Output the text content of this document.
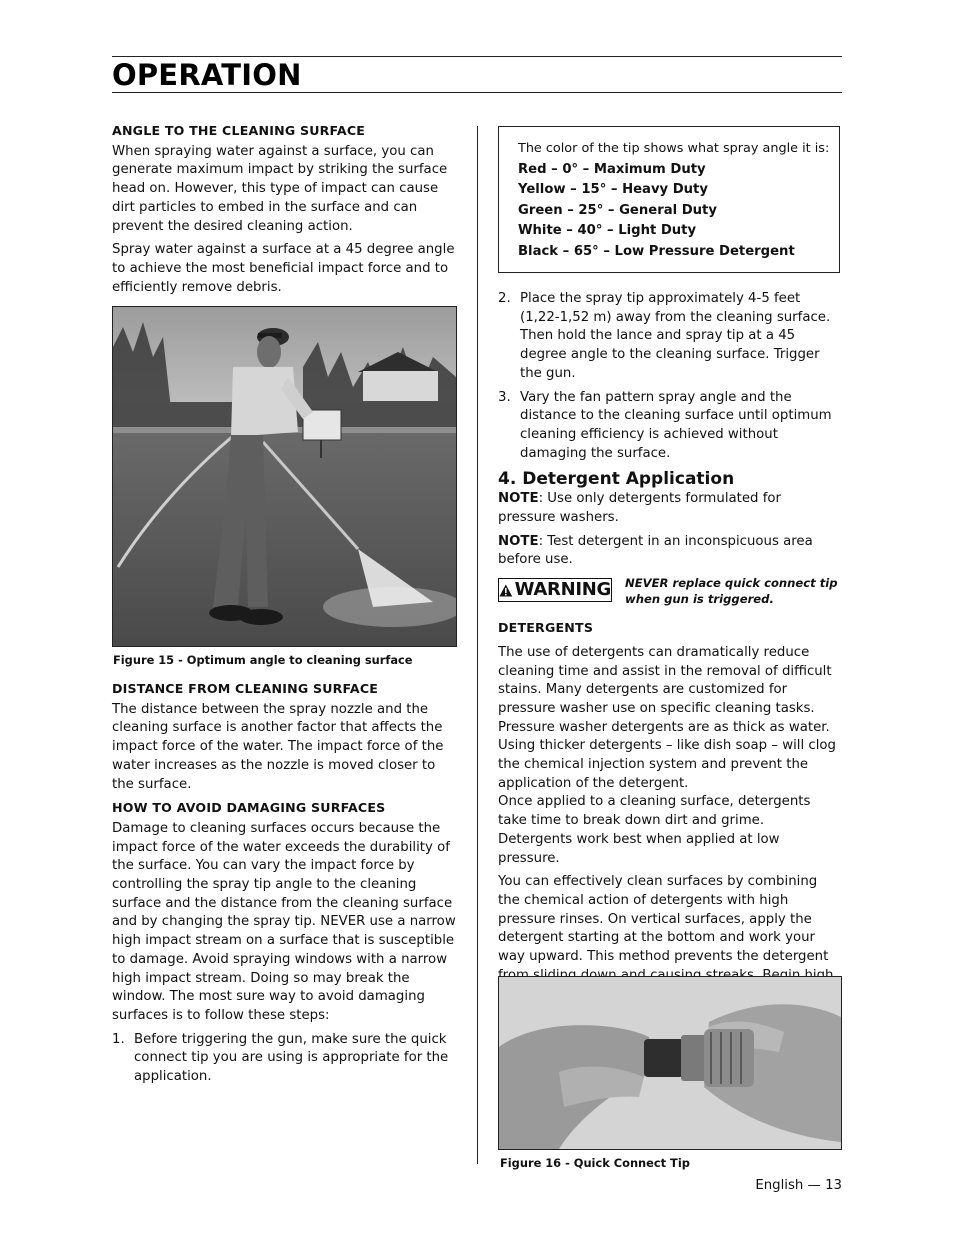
OPERATION
ANGLE TO THE CLEANING SURFACE

When spraying water against a surface, you can generate maximum impact by striking the surface head on. However, this type of impact can cause dirt particles to embed in the surface and can prevent the desired cleaning action.

Spray water against a surface at a 45 degree angle to achieve the most beneficial impact force and to efficiently remove debris.

Figure 15 - Optimum angle to cleaning surface
DISTANCE FROM CLEANING SURFACE

The distance between the spray nozzle and the cleaning surface is another factor that affects the impact force of the water. The impact force of the water increases as the nozzle is moved closer to the surface.

HOW TO AVOID DAMAGING SURFACES

Damage to cleaning surfaces occurs because the impact force of the water exceeds the durability of the surface. You can vary the impact force by controlling the spray tip angle to the cleaning surface and the distance from the cleaning surface and by changing the spray tip. NEVER use a narrow high impact stream on a surface that is susceptible to damage. Avoid spraying windows with a narrow high impact stream. Doing so may break the window. The most sure way to avoid damaging surfaces is to follow these steps:

1. Before triggering the gun, make sure the quick connect tip you are using is appropriate for the application.
The color of the tip shows what spray angle it is:
Red – 0° – Maximum Duty
Yellow – 15° – Heavy Duty
Green – 25° – General Duty
White – 40° – Light Duty
Black – 65° – Low Pressure Detergent
2. Place the spray tip approximately 4-5 feet (1,22-1,52 m) away from the cleaning surface. Then hold the lance and spray tip at a 45 degree angle to the cleaning surface. Trigger the gun.
3. Vary the fan pattern spray angle and the distance to the cleaning surface until optimum cleaning efficiency is achieved without damaging the surface.
4. Detergent Application

NOTE: Use only detergents formulated for pressure washers.

NOTE: Test detergent in an inconspicuous area before use.

WARNING NEVER replace quick connect tip when gun is triggered.
DETERGENTS

The use of detergents can dramatically reduce cleaning time and assist in the removal of difficult stains. Many detergents are customized for pressure washer use on specific cleaning tasks. Pressure washer detergents are as thick as water. Using thicker detergents – like dish soap – will clog the chemical injection system and prevent the application of the detergent.

Once applied to a cleaning surface, detergents take time to break down dirt and grime. Detergents work best when applied at low pressure.

You can effectively clean surfaces by combining the chemical action of detergents with high pressure rinses. On vertical surfaces, apply the detergent starting at the bottom and work your way upward. This method prevents the detergent

Figure 16 - Quick Connect Tip
English — 13
